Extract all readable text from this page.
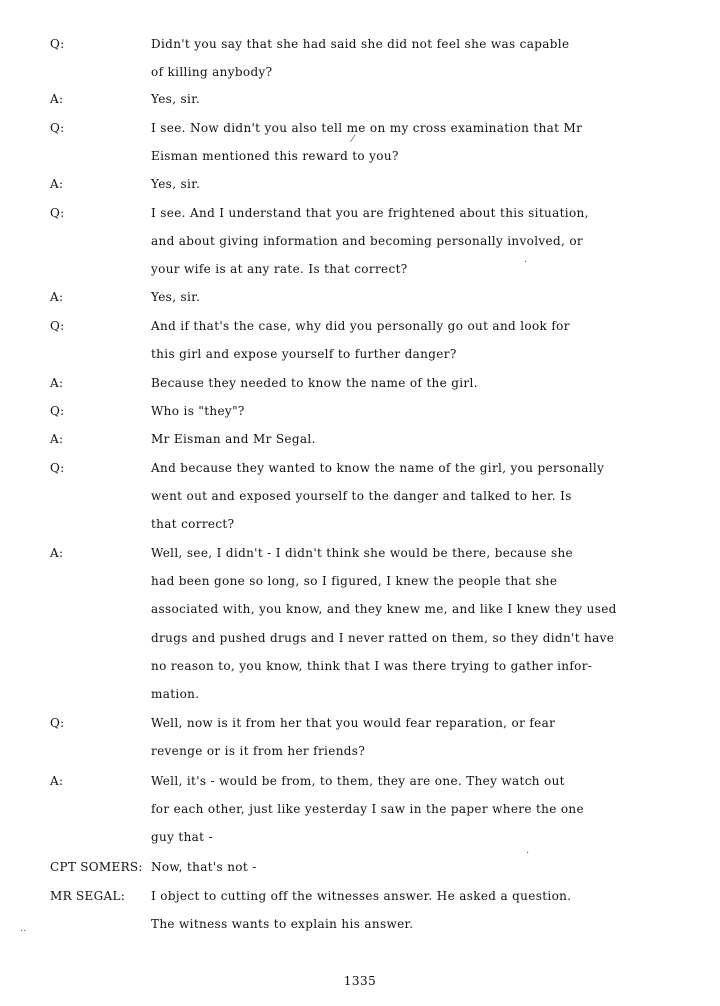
Q:	Didn't you say that she had said she did not feel she was capable
of killing anybody?
A:	Yes, sir.
Q:	I see. Now didn't you also tell me on my cross examination that Mr
Eisman mentioned this reward to you?
A:	Yes, sir.
Q:	I see. And I understand that you are frightened about this situation,
and about giving information and becoming personally involved, or
your wife is at any rate. Is that correct?
A:	Yes, sir.
Q:	And if that's the case, why did you personally go out and look for
this girl and expose yourself to further danger?
A:	Because they needed to know the name of the girl.
Q:	Who is "they"?
A:	Mr Eisman and Mr Segal.
Q:	And because they wanted to know the name of the girl, you personally
went out and exposed yourself to the danger and talked to her. Is
that correct?
A:	Well, see, I didn't - I didn't think she would be there, because she
had been gone so long, so I figured, I knew the people that she
associated with, you know, and they knew me, and like I knew they used
drugs and pushed drugs and I never ratted on them, so they didn't have
no reason to, you know, think that I was there trying to gather infor-
mation.
Q:	Well, now is it from her that you would fear reparation, or fear
revenge or is it from her friends?
A:	Well, it's - would be from, to them, they are one. They watch out
for each other, just like yesterday I saw in the paper where the one
guy that -
CPT SOMERS: Now, that's not -
MR SEGAL: I object to cutting off the witnesses answer. He asked a question.
The witness wants to explain his answer.
1335
⁄
·
·
..
